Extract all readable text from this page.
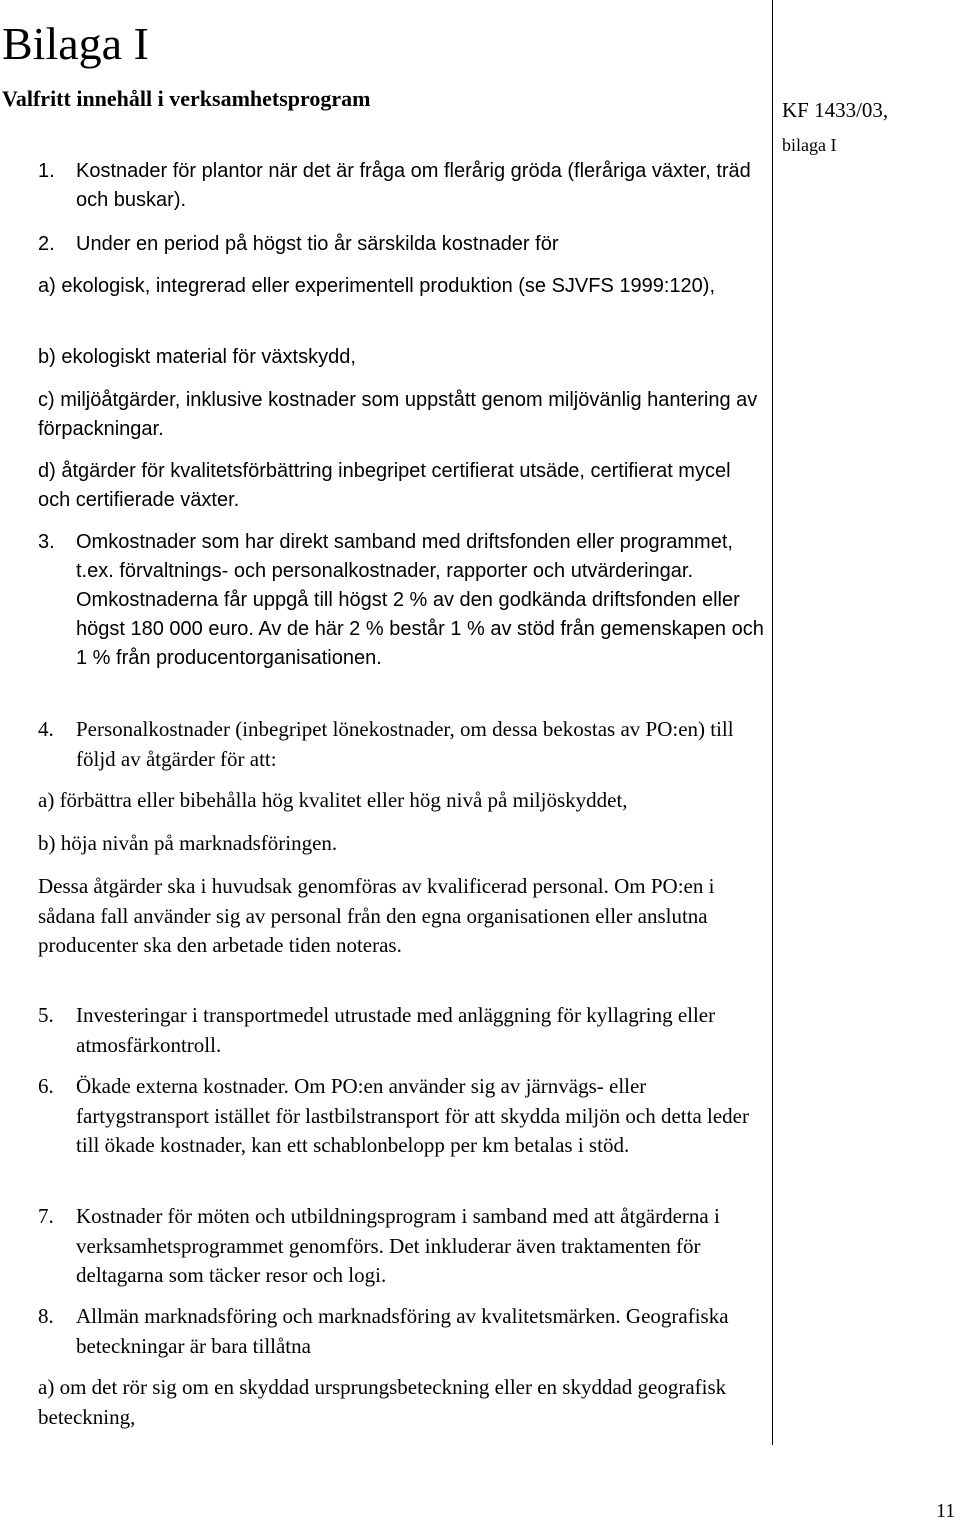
Bilaga I
Valfritt innehåll i verksamhetsprogram	KF 1433/03,
bilaga I
1.	Kostnader för plantor när det är fråga om flerårig gröda (fleråriga växter, träd och buskar).
2.	Under en period på högst tio år särskilda kostnader för
a) ekologisk, integrerad eller experimentell produktion (se SJVFS 1999:120),
b) ekologiskt material för växtskydd,
c) miljöåtgärder, inklusive kostnader som uppstått genom miljövänlig hantering av förpackningar.
d) åtgärder för kvalitetsförbättring inbegripet certifierat utsäde, certifierat mycel och certifierade växter.
3.	Omkostnader som har direkt samband med driftsfonden eller programmet, t.ex. förvaltnings- och personalkostnader, rapporter och utvärderingar. Omkostnaderna får uppgå till högst 2 % av den godkända driftsfonden eller högst 180 000 euro. Av de här 2 % består 1 % av stöd från gemenskapen och 1 % från producentorganisationen.
4.	Personalkostnader (inbegripet lönekostnader, om dessa bekostas av PO:en) till följd av åtgärder för att:
a) förbättra eller bibehålla hög kvalitet eller hög nivå på miljöskyddet,
b) höja nivån på marknadsföringen.
Dessa åtgärder ska i huvudsak genomföras av kvalificerad personal. Om PO:en i sådana fall använder sig av personal från den egna organisationen eller anslutna producenter ska den arbetade tiden noteras.
5.	Investeringar i transportmedel utrustade med anläggning för kyllagring eller atmosfärkontroll.
6.	Ökade externa kostnader. Om PO:en använder sig av järnvägs- eller fartygstransport istället för lastbilstransport för att skydda miljön och detta leder till ökade kostnader, kan ett schablonbelopp per km betalas i stöd.
7.	Kostnader för möten och utbildningsprogram i samband med att åtgärderna i verksamhetsprogrammet genomförs. Det inkluderar även traktamenten för deltagarna som täcker resor och logi.
8.	Allmän marknadsföring och marknadsföring av kvalitetsmärken. Geografiska beteckningar är bara tillåtna
a) om det rör sig om en skyddad ursprungsbeteckning eller en skyddad geografisk beteckning,
11
